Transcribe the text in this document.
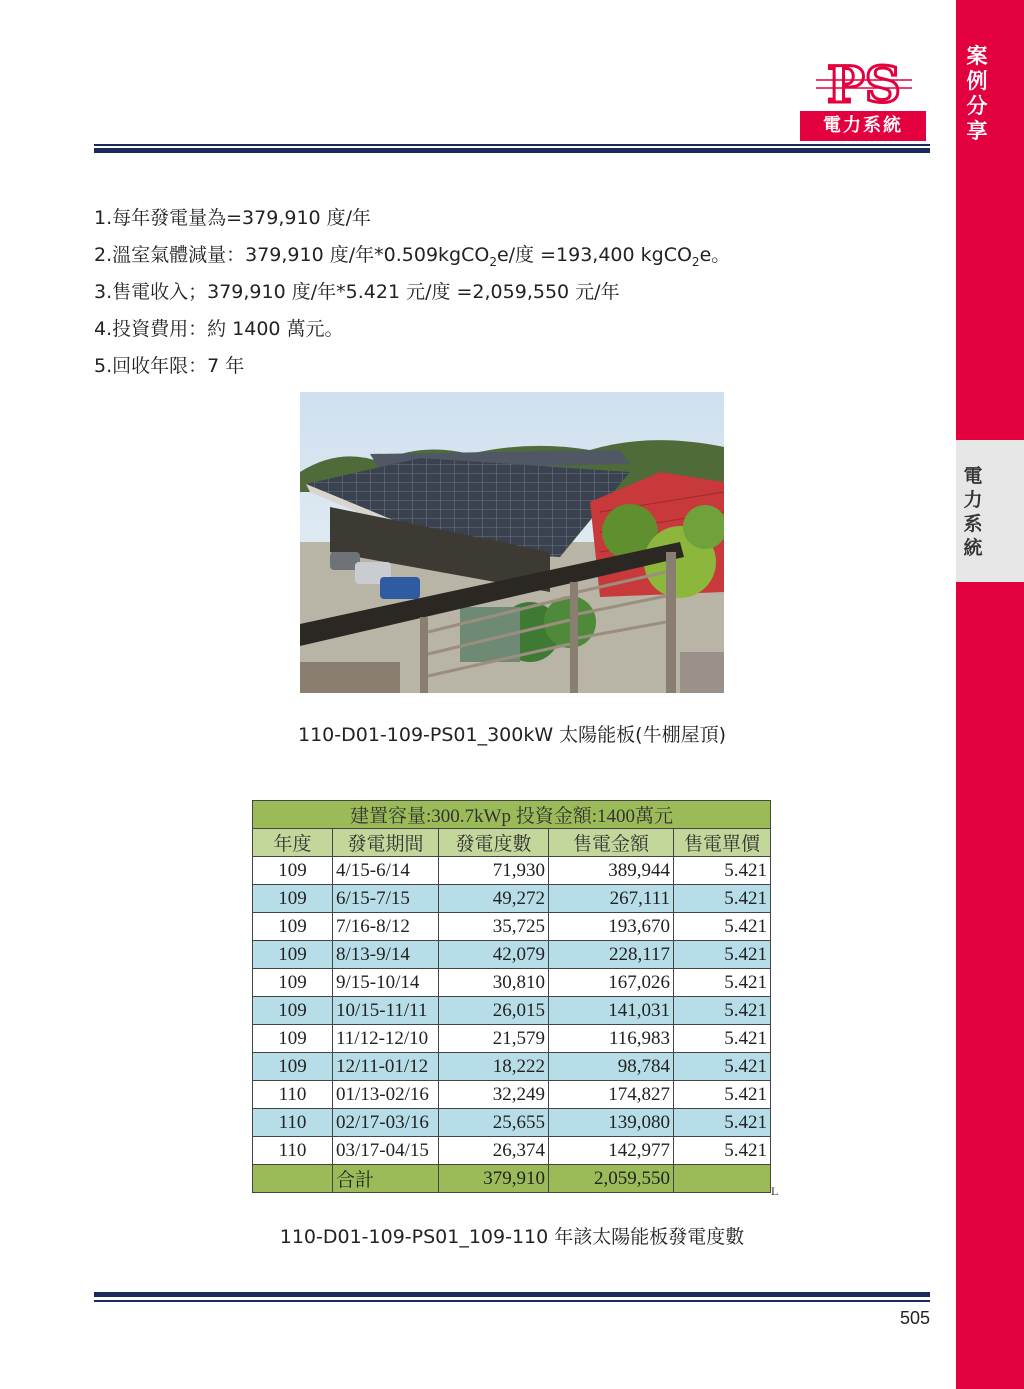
案
例
分
享
電
力
系
統
PS
電力系統
1.每年發電量為=379,910 度/年
2.溫室氣體減量：379,910 度/年*0.509kgCO$_2$e/度 =193,400 kgCO$_2$e。
3.售電收入；379,910 度/年*5.421 元/度 =2,059,550 元/年
4.投資費用：約 1400 萬元。
5.回收年限：7 年
110-D01-109-PS01_300kW 太陽能板(牛棚屋頂)
建置容量:300.7kWp 投資金額:1400萬元				
年度	發電期間	發電度數	售電金額	售電單價
109	4/15-6/14	71,930	389,944	5.421
109	6/15-7/15	49,272	267,111	5.421
109	7/16-8/12	35,725	193,670	5.421
109	8/13-9/14	42,079	228,117	5.421
109	9/15-10/14	30,810	167,026	5.421
109	10/15-11/11	26,015	141,031	5.421
109	11/12-12/10	21,579	116,983	5.421
109	12/11-01/12	18,222	98,784	5.421
110	01/13-02/16	32,249	174,827	5.421
110	02/17-03/16	25,655	139,080	5.421
110	03/17-04/15	26,374	142,977	5.421
	合計	379,910	2,059,550	
L
110-D01-109-PS01_109-110 年該太陽能板發電度數
505
